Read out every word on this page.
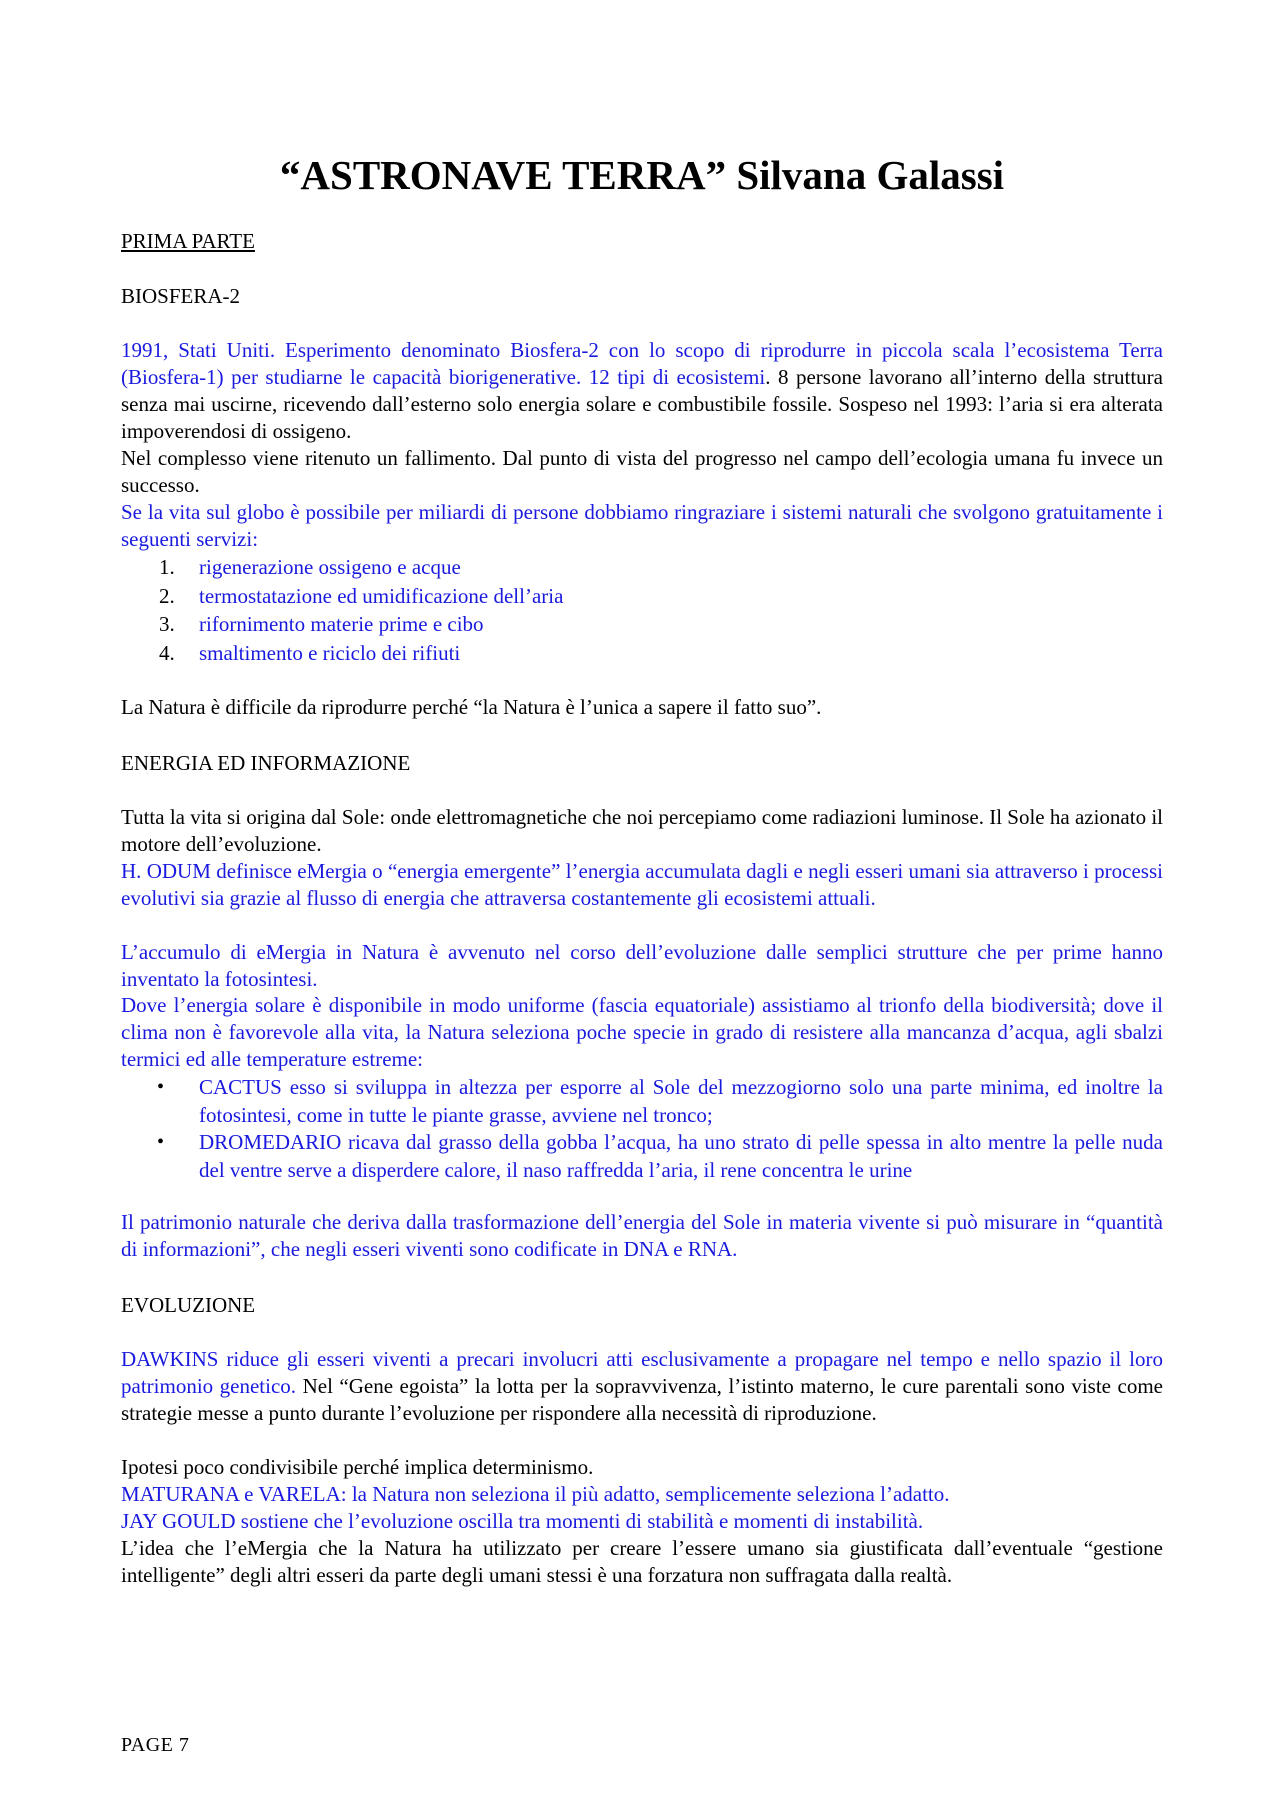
“ASTRONAVE TERRA” Silvana Galassi
PRIMA PARTE
BIOSFERA-2

1991, Stati Uniti. Esperimento denominato Biosfera-2 con lo scopo di riprodurre in piccola scala l’ecosistema Terra (Biosfera-1) per studiarne le capacità biorigenerative. 12 tipi di ecosistemi. 8 persone lavorano all’interno della struttura senza mai uscirne, ricevendo dall’esterno solo energia solare e combustibile fossile. Sospeso nel 1993: l’aria si era alterata impoverendosi di ossigeno.

Nel complesso viene ritenuto un fallimento. Dal punto di vista del progresso nel campo dell’ecologia umana fu invece un successo.

Se la vita sul globo è possibile per miliardi di persone dobbiamo ringraziare i sistemi naturali che svolgono gratuitamente i seguenti servizi:

1. rigenerazione ossigeno e acque
2. termostatazione ed umidificazione dell’aria
3. rifornimento materie prime e cibo
4. smaltimento e riciclo dei rifiuti

La Natura è difficile da riprodurre perché “la Natura è l’unica a sapere il fatto suo”.

ENERGIA ED INFORMAZIONE

Tutta la vita si origina dal Sole: onde elettromagnetiche che noi percepiamo come radiazioni luminose. Il Sole ha azionato il motore dell’evoluzione.

H. ODUM definisce eMergia o “energia emergente” l’energia accumulata dagli e negli esseri umani sia attraverso i processi evolutivi sia grazie al flusso di energia che attraversa costantemente gli ecosistemi attuali.

L’accumulo di eMergia in Natura è avvenuto nel corso dell’evoluzione dalle semplici strutture che per prime hanno inventato la fotosintesi.

Dove l’energia solare è disponibile in modo uniforme (fascia equatoriale) assistiamo al trionfo della biodiversità; dove il clima non è favorevole alla vita, la Natura seleziona poche specie in grado di resistere alla mancanza d’acqua, agli sbalzi termici ed alle temperature estreme:

• CACTUS esso si sviluppa in altezza per esporre al Sole del mezzogiorno solo una parte minima, ed inoltre la fotosintesi, come in tutte le piante grasse, avviene nel tronco;
• DROMEDARIO ricava dal grasso della gobba l’acqua, ha uno strato di pelle spessa in alto mentre la pelle nuda del ventre serve a disperdere calore, il naso raffredda l’aria, il rene concentra le urine

Il patrimonio naturale che deriva dalla trasformazione dell’energia del Sole in materia vivente si può misurare in “quantità di informazioni”, che negli esseri viventi sono codificate in DNA e RNA.

EVOLUZIONE

DAWKINS riduce gli esseri viventi a precari involucri atti esclusivamente a propagare nel tempo e nello spazio il loro patrimonio genetico. Nel “Gene egoista” la lotta per la sopravvivenza, l’istinto materno, le cure parentali sono viste come strategie messe a punto durante l’evoluzione per rispondere alla necessità di riproduzione.

Ipotesi poco condivisibile perché implica determinismo.

MATURANA e VARELA: la Natura non seleziona il più adatto, semplicemente seleziona l’adatto.

JAY GOULD sostiene che l’evoluzione oscilla tra momenti di stabilità e momenti di instabilità.

L’idea che l’eMergia che la Natura ha utilizzato per creare l’essere umano sia giustificata dall’eventuale “gestione intelligente” degli altri esseri da parte degli umani stessi è una forzatura non suffragata dalla realtà.

PAGE 7
